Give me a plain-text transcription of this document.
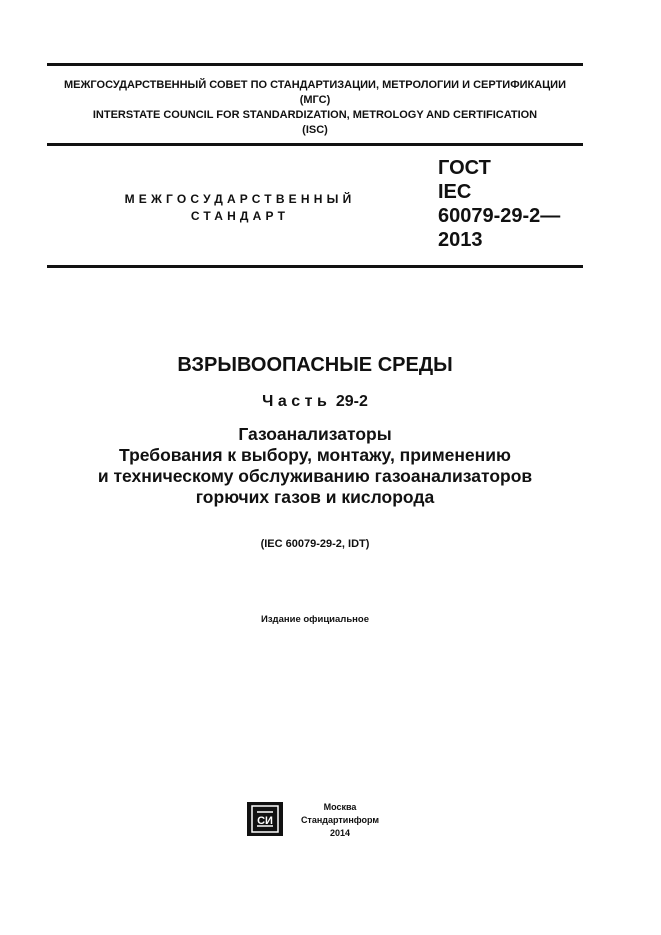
МЕЖГОСУДАРСТВЕННЫЙ СОВЕТ ПО СТАНДАРТИЗАЦИИ, МЕТРОЛОГИИ И СЕРТИФИКАЦИИ
(МГС)
INTERSTATE COUNCIL FOR STANDARDIZATION, METROLOGY AND CERTIFICATION
(ISC)
МЕЖГОСУДАРСТВЕННЫЙ
СТАНДАРТ
ГОСТ
IEC
60079-29-2—
2013
ВЗРЫВООПАСНЫЕ СРЕДЫ
Часть 29-2
Газоанализаторы
Требования к выбору, монтажу, применению
и техническому обслуживанию газоанализаторов
горючих газов и кислорода
(IEC 60079-29-2, IDT)
Издание официальное
СИ
Москва
Стандартинформ
2014
